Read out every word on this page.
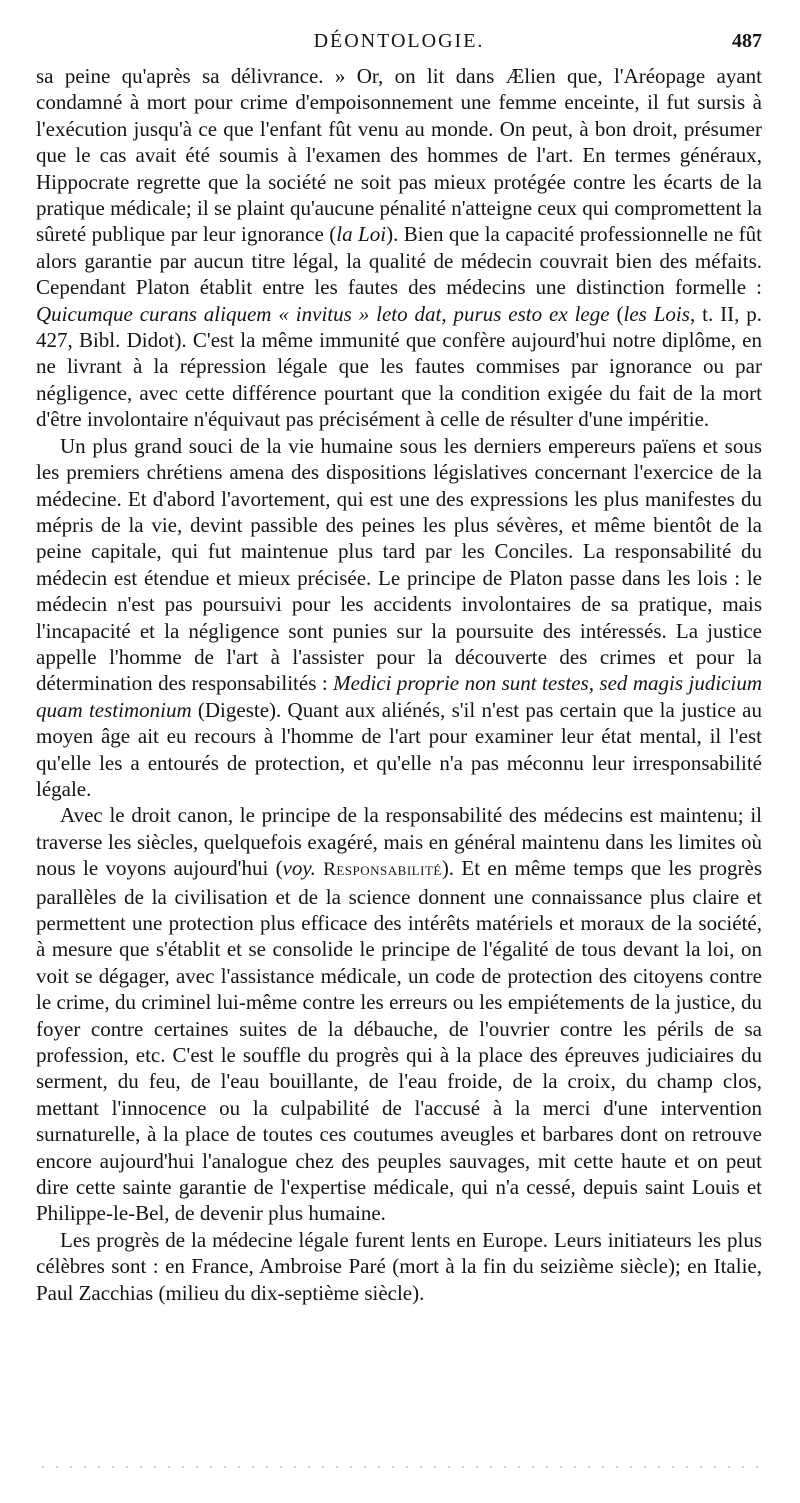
DÉONTOLOGIE.	487

sa peine qu'après sa délivrance. » Or, on lit dans Ælien que, l'Aréopage ayant condamné à mort pour crime d'empoisonnement une femme enceinte, il fut sursis à l'exécution jusqu'à ce que l'enfant fût venu au monde. On peut, à bon droit, présumer que le cas avait été soumis à l'examen des hommes de l'art. En termes généraux, Hippocrate regrette que la société ne soit pas mieux protégée contre les écarts de la pratique médicale; il se plaint qu'aucune pénalité n'atteigne ceux qui compromettent la sûreté publique par leur ignorance (la Loi). Bien que la capacité professionnelle ne fût alors garantie par aucun titre légal, la qualité de médecin couvrait bien des méfaits. Cependant Platon établit entre les fautes des médecins une distinction formelle : Quicumque curans aliquem « invitus » leto dat, purus esto ex lege (les Lois, t. II, p. 427, Bibl. Didot). C'est la même immunité que confère aujourd'hui notre diplôme, en ne livrant à la répression légale que les fautes commises par ignorance ou par négligence, avec cette différence pourtant que la condition exigée du fait de la mort d'être involontaire n'équivaut pas précisément à celle de résulter d'une impéritie.

Un plus grand souci de la vie humaine sous les derniers empereurs païens et sous les premiers chrétiens amena des dispositions législatives concernant l'exercice de la médecine. Et d'abord l'avortement, qui est une des expressions les plus manifestes du mépris de la vie, devint passible des peines les plus sévères, et même bientôt de la peine capitale, qui fut maintenue plus tard par les Conciles. La responsabilité du médecin est étendue et mieux précisée. Le principe de Platon passe dans les lois : le médecin n'est pas poursuivi pour les accidents involontaires de sa pratique, mais l'incapacité et la négligence sont punies sur la poursuite des intéressés. La justice appelle l'homme de l'art à l'assister pour la découverte des crimes et pour la détermination des responsabilités : Medici proprie non sunt testes, sed magis judicium quam testimonium (Digeste). Quant aux aliénés, s'il n'est pas certain que la justice au moyen âge ait eu recours à l'homme de l'art pour examiner leur état mental, il l'est qu'elle les a entourés de protection, et qu'elle n'a pas méconnu leur irresponsabilité légale.

Avec le droit canon, le principe de la responsabilité des médecins est maintenu; il traverse les siècles, quelquefois exagéré, mais en général maintenu dans les limites où nous le voyons aujourd'hui (voy. Responsabilité). Et en même temps que les progrès parallèles de la civilisation et de la science donnent une connaissance plus claire et permettent une protection plus efficace des intérêts matériels et moraux de la société, à mesure que s'établit et se consolide le principe de l'égalité de tous devant la loi, on voit se dégager, avec l'assistance médicale, un code de protection des citoyens contre le crime, du criminel lui-même contre les erreurs ou les empiétements de la justice, du foyer contre certaines suites de la débauche, de l'ouvrier contre les périls de sa profession, etc. C'est le souffle du progrès qui à la place des épreuves judiciaires du serment, du feu, de l'eau bouillante, de l'eau froide, de la croix, du champ clos, mettant l'innocence ou la culpabilité de l'accusé à la merci d'une intervention surnaturelle, à la place de toutes ces coutumes aveugles et barbares dont on retrouve encore aujourd'hui l'analogue chez des peuples sauvages, mit cette haute et on peut dire cette sainte garantie de l'expertise médicale, qui n'a cessé, depuis saint Louis et Philippe-le-Bel, de devenir plus humaine.

Les progrès de la médecine légale furent lents en Europe. Leurs initiateurs les plus célèbres sont : en France, Ambroise Paré (mort à la fin du seizième siècle); en Italie, Paul Zacchias (milieu du dix-septième siècle).
